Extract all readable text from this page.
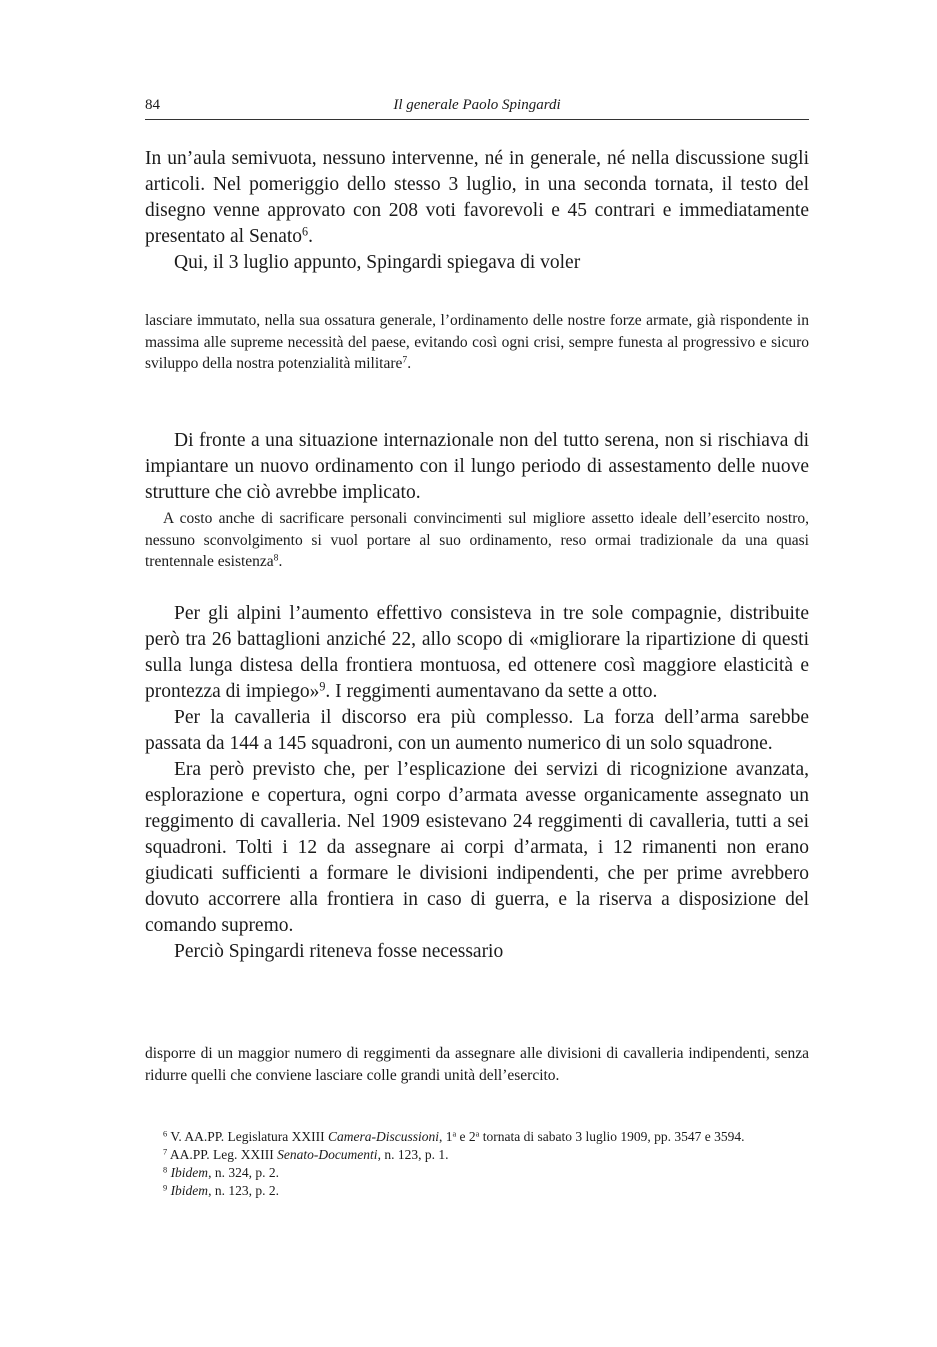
84	Il generale Paolo Spingardi

In un’aula semivuota, nessuno intervenne, né in generale, né nella discussione sugli articoli. Nel pomeriggio dello stesso 3 luglio, in una seconda tornata, il testo del disegno venne approvato con 208 voti favorevoli e 45 contrari e immediatamente presentato al Senato$^6$.

Qui, il 3 luglio appunto, Spingardi spiegava di voler

lasciare immutato, nella sua ossatura generale, l’ordinamento delle nostre forze armate, già rispondente in massima alle supreme necessità del paese, evitando così ogni crisi, sempre funesta al progressivo e sicuro sviluppo della nostra potenzialità militare$^7$.

Di fronte a una situazione internazionale non del tutto serena, non si rischiava di impiantare un nuovo ordinamento con il lungo periodo di assestamento delle nuove strutture che ciò avrebbe implicato.

A costo anche di sacrificare personali convincimenti sul migliore assetto ideale dell’esercito nostro, nessuno sconvolgimento si vuol portare al suo ordinamento, reso ormai tradizionale da una quasi trentennale esistenza$^8$.

Per gli alpini l’aumento effettivo consisteva in tre sole compagnie, distribuite però tra 26 battaglioni anziché 22, allo scopo di «migliorare la ripartizione di questi sulla lunga distesa della frontiera montuosa, ed ottenere così maggiore elasticità e prontezza di impiego»$^9$. I reggimenti aumentavano da sette a otto.

Per la cavalleria il discorso era più complesso. La forza dell’arma sarebbe passata da 144 a 145 squadroni, con un aumento numerico di un solo squadrone.

Era però previsto che, per l’esplicazione dei servizi di ricognizione avanzata, esplorazione e copertura, ogni corpo d’armata avesse organicamente assegnato un reggimento di cavalleria. Nel 1909 esistevano 24 reggimenti di cavalleria, tutti a sei squadroni. Tolti i 12 da assegnare ai corpi d’armata, i 12 rimanenti non erano giudicati sufficienti a formare le divisioni indipendenti, che per prime avrebbero dovuto accorrere alla frontiera in caso di guerra, e la riserva a disposizione del comando supremo.

Perciò Spingardi riteneva fosse necessario

disporre di un maggior numero di reggimenti da assegnare alle divisioni di cavalleria indipendenti, senza ridurre quelli che conviene lasciare colle grandi unità dell’esercito.

$^6$ V. AA.PP. Legislatura XXIII Camera-Discussioni, 1$^a$ e 2$^a$ tornata di sabato 3 luglio 1909, pp. 3547 e 3594.

$^7$ AA.PP. Leg. XXIII Senato-Documenti, n. 123, p. 1.

$^8$ Ibidem, n. 324, p. 2.

$^9$ Ibidem, n. 123, p. 2.
